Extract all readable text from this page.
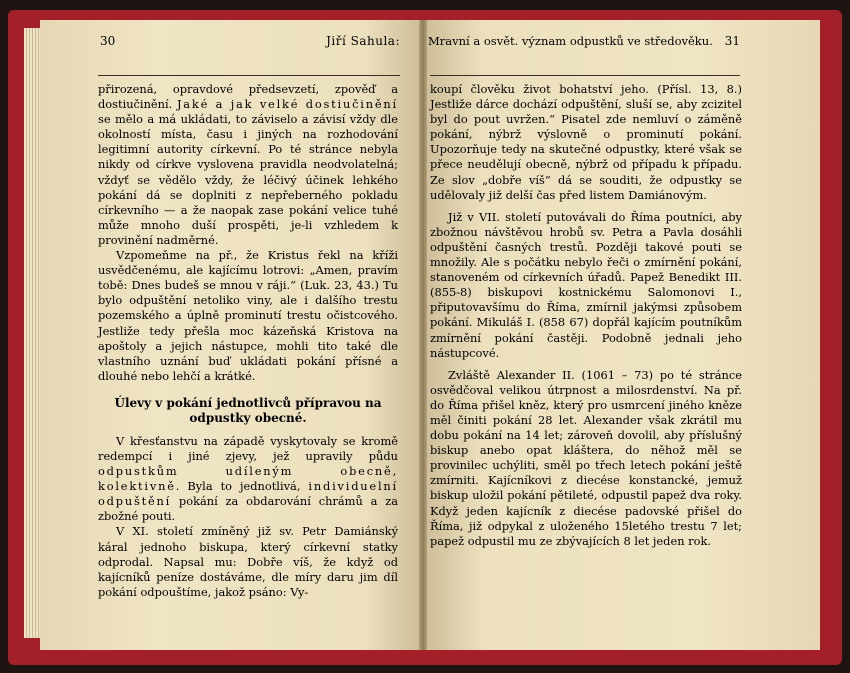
30	Jiří Sahula: Mravní a osvět. význam odpustků ve středověku. 31

přirozená, opravdové předsevzetí, zpověď a dostiučinění. Jaké a jak velké dostiučinění se mělo a má ukládati, to záviselo a závisí vždy dle okolností místa, času i jiných na rozhodování legitimní autority církevní. Po té stránce nebyla nikdy od církve vyslovena pravidla neodvolatelná; vždyť se vědělo vždy, že léčivý účinek lehkého pokání dá se doplniti z nepřeberného pokladu církevního — a že naopak zase pokání velice tuhé může mnoho duší prospěti, je-li vzhledem k provinění nadměrné.

Vzpomeňme na př., že Kristus řekl na kříži usvědčenému, ale kajícímu lotrovi: „Amen, pravím tobě: Dnes budeš se mnou v ráji.“ (Luk. 23, 43.) Tu bylo odpuštění netoliko viny, ale i dalšího trestu pozemského a úplně prominutí trestu očistcového. Jestliže tedy přešla moc kázeňská Kristova na apoštoly a jejich nástupce, mohli tito také dle vlastního uznání buď ukládati pokání přísné a dlouhé nebo lehčí a krátké.

Úlevy v pokání jednotlivců přípravou na odpustky obecné.

V křesťanstvu na západě vyskytovaly se kromě redempcí i jiné zjevy, jež upravily půdu odpustkům udíleným obecně, kolektivně. Byla to jednotlivá, individuelní odpuštění pokání za obdarování chrámů a za zbožné pouti.

V XI. století zmíněný již sv. Petr Damiánský káral jednoho biskupa, který církevní statky odprodal. Napsal mu: Dobře víš, že když od kajícníků peníze dostáváme, dle míry daru jim díl pokání odpouštíme, jakož psáno: Vy-

koupí člověku život bohatství jeho. (Přísl. 13, 8.) Jestliže dárce dochází odpuštění, sluší se, aby zcizitel byl do pout uvržen.“ Pisatel zde nemluví o záměně pokání, nýbrž výslovně o prominutí pokání. Upozorňuje tedy na skutečné odpustky, které však se přece neudělují obecně, nýbrž od případu k případu. Ze slov „dobře víš“ dá se souditi, že odpustky se udělovaly již delší čas před listem Damiánovým.

Již v VII. století putovávali do Říma poutníci, aby zbožnou návštěvou hrobů sv. Petra a Pavla dosáhli odpuštění časných trestů. Později takové pouti se množily. Ale s počátku nebylo řeči o zmírnění pokání, stanoveném od církevních úřadů. Papež Benedikt III. (855-8) biskupovi kostnickému Salomonovi I., připutovavšímu do Říma, zmírnil jakýmsi způsobem pokání. Mikuláš I. (858 67) dopřál kajícím poutníkům zmírnění pokání častěji. Podobně jednali jeho nástupcové.

Zvláště Alexander II. (1061 – 73) po té stránce osvědčoval velikou útrpnost a milosrdenství. Na př. do Říma přišel kněz, který pro usmrcení jiného kněze měl činiti pokání 28 let. Alexander však zkrátil mu dobu pokání na 14 let; zároveň dovolil, aby příslušný biskup anebo opat kláštera, do něhož měl se provinilec uchýliti, směl po třech letech pokání ještě zmírniti. Kajícníkovi z diecése konstancké, jemuž biskup uložil pokání pětileté, odpustil papež dva roky. Když jeden kajícník z diecése padovské přišel do Říma, již odpykal z uloženého 15letého trestu 7 let; papež odpustil mu ze zbývajících 8 let jeden rok.
